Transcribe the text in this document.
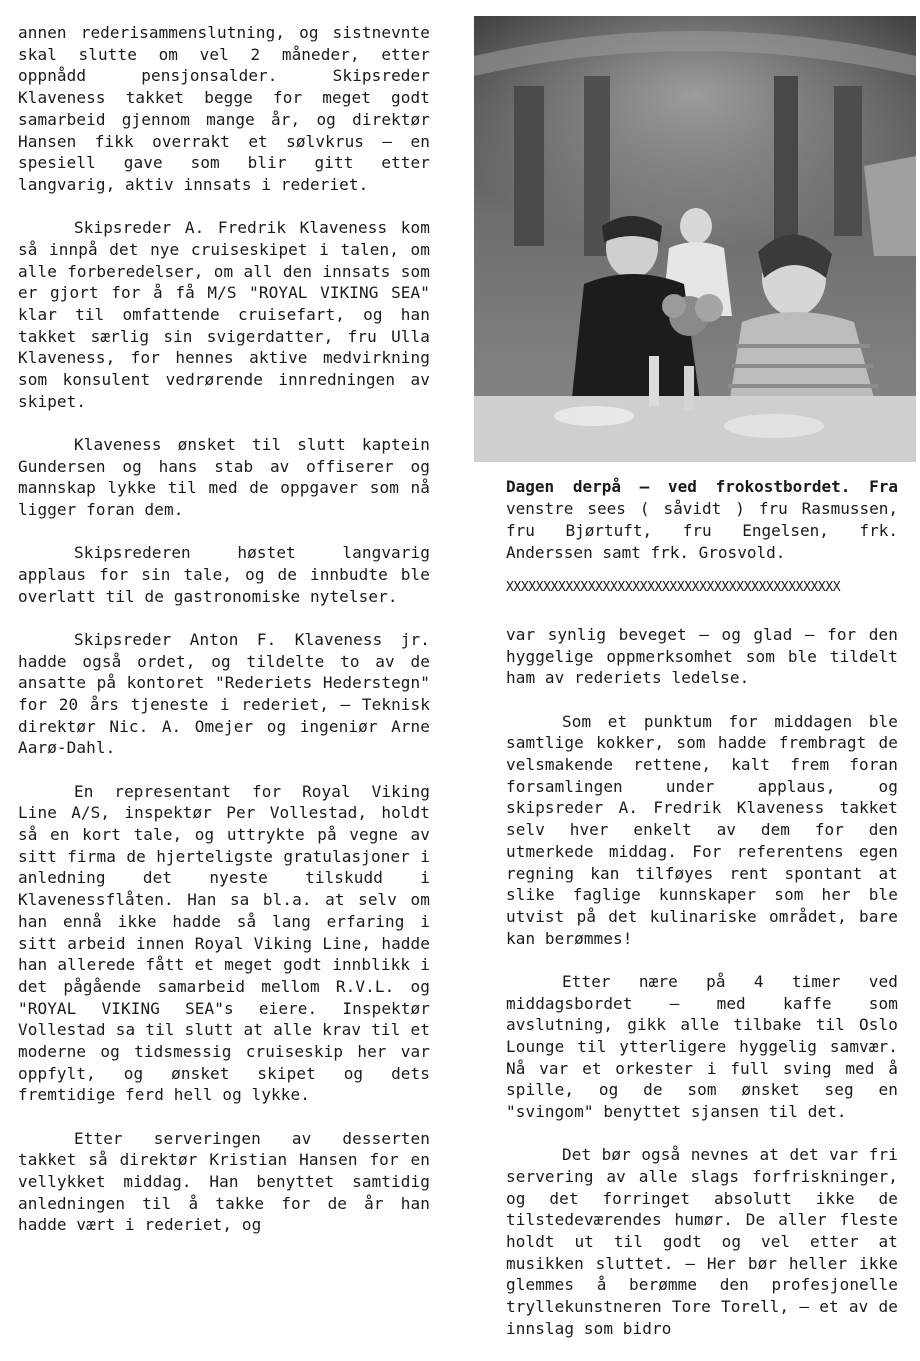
annen rederisammenslutning, og sistnevnte skal slutte om vel 2 måneder, etter oppnådd pensjonsalder. Skipsreder Klaveness takket begge for meget godt samarbeid gjennom mange år, og direktør Hansen fikk overrakt et sølvkrus – en spesiell gave som blir gitt etter langvarig, aktiv innsats i rederiet.

Skipsreder A. Fredrik Klaveness kom så innpå det nye cruiseskipet i talen, om alle forberedelser, om all den innsats som er gjort for å få M/S "ROYAL VIKING SEA" klar til omfattende cruisefart, og han takket særlig sin svigerdatter, fru Ulla Klaveness, for hennes aktive medvirkning som konsulent vedrørende innredningen av skipet.

Klaveness ønsket til slutt kaptein Gundersen og hans stab av offiserer og mannskap lykke til med de oppgaver som nå ligger foran dem.

Skipsrederen høstet langvarig applaus for sin tale, og de innbudte ble overlatt til de gastronomiske nytelser.

Skipsreder Anton F. Klaveness jr. hadde også ordet, og tildelte to av de ansatte på kontoret "Rederiets Hederstegn" for 20 års tjeneste i rederiet, – Teknisk direktør Nic. A. Omejer og ingeniør Arne Aarø-Dahl.

En representant for Royal Viking Line A/S, inspektør Per Vollestad, holdt så en kort tale, og uttrykte på vegne av sitt firma de hjerteligste gratulasjoner i anledning det nyeste tilskudd i Klavenessflåten. Han sa bl.a. at selv om han ennå ikke hadde så lang erfaring i sitt arbeid innen Royal Viking Line, hadde han allerede fått et meget godt innblikk i det pågående samarbeid mellom R.V.L. og "ROYAL VIKING SEA"s eiere. Inspektør Vollestad sa til slutt at alle krav til et moderne og tidsmessig cruiseskip her var oppfylt, og ønsket skipet og dets fremtidige ferd hell og lykke.

Etter serveringen av desserten takket så direktør Kristian Hansen for en vellykket middag. Han benyttet samtidig anledningen til å takke for de år han hadde vært i rederiet, og

Dagen derpå – ved frokostbordet. Fra venstre sees ( såvidt ) fru Rasmussen, fru Bjørtuft, fru Engelsen, frk. Anderssen samt frk. Grosvold.
XXXXXXXXXXXXXXXXXXXXXXXXXXXXXXXXXXXXXXXXXXXXX

var synlig beveget – og glad – for den hyggelige oppmerksomhet som ble tildelt ham av rederiets ledelse.

Som et punktum for middagen ble samtlige kokker, som hadde frembragt de velsmakende rettene, kalt frem foran forsamlingen under applaus, og skipsreder A. Fredrik Klaveness takket selv hver enkelt av dem for den utmerkede middag. For referentens egen regning kan tilføyes rent spontant at slike faglige kunnskaper som her ble utvist på det kulinariske området, bare kan berømmes!

Etter nære på 4 timer ved middagsbordet – med kaffe som avslutning, gikk alle tilbake til Oslo Lounge til ytterligere hyggelig samvær. Nå var et orkester i full sving med å spille, og de som ønsket seg en "svingom" benyttet sjansen til det.

Det bør også nevnes at det var fri servering av alle slags forfriskninger, og det forringet absolutt ikke de tilstedeværendes humør. De aller fleste holdt ut til godt og vel etter at musikken sluttet. – Her bør heller ikke glemmes å berømme den profesjonelle tryllekunstneren Tore Torell, – et av de innslag som bidro
